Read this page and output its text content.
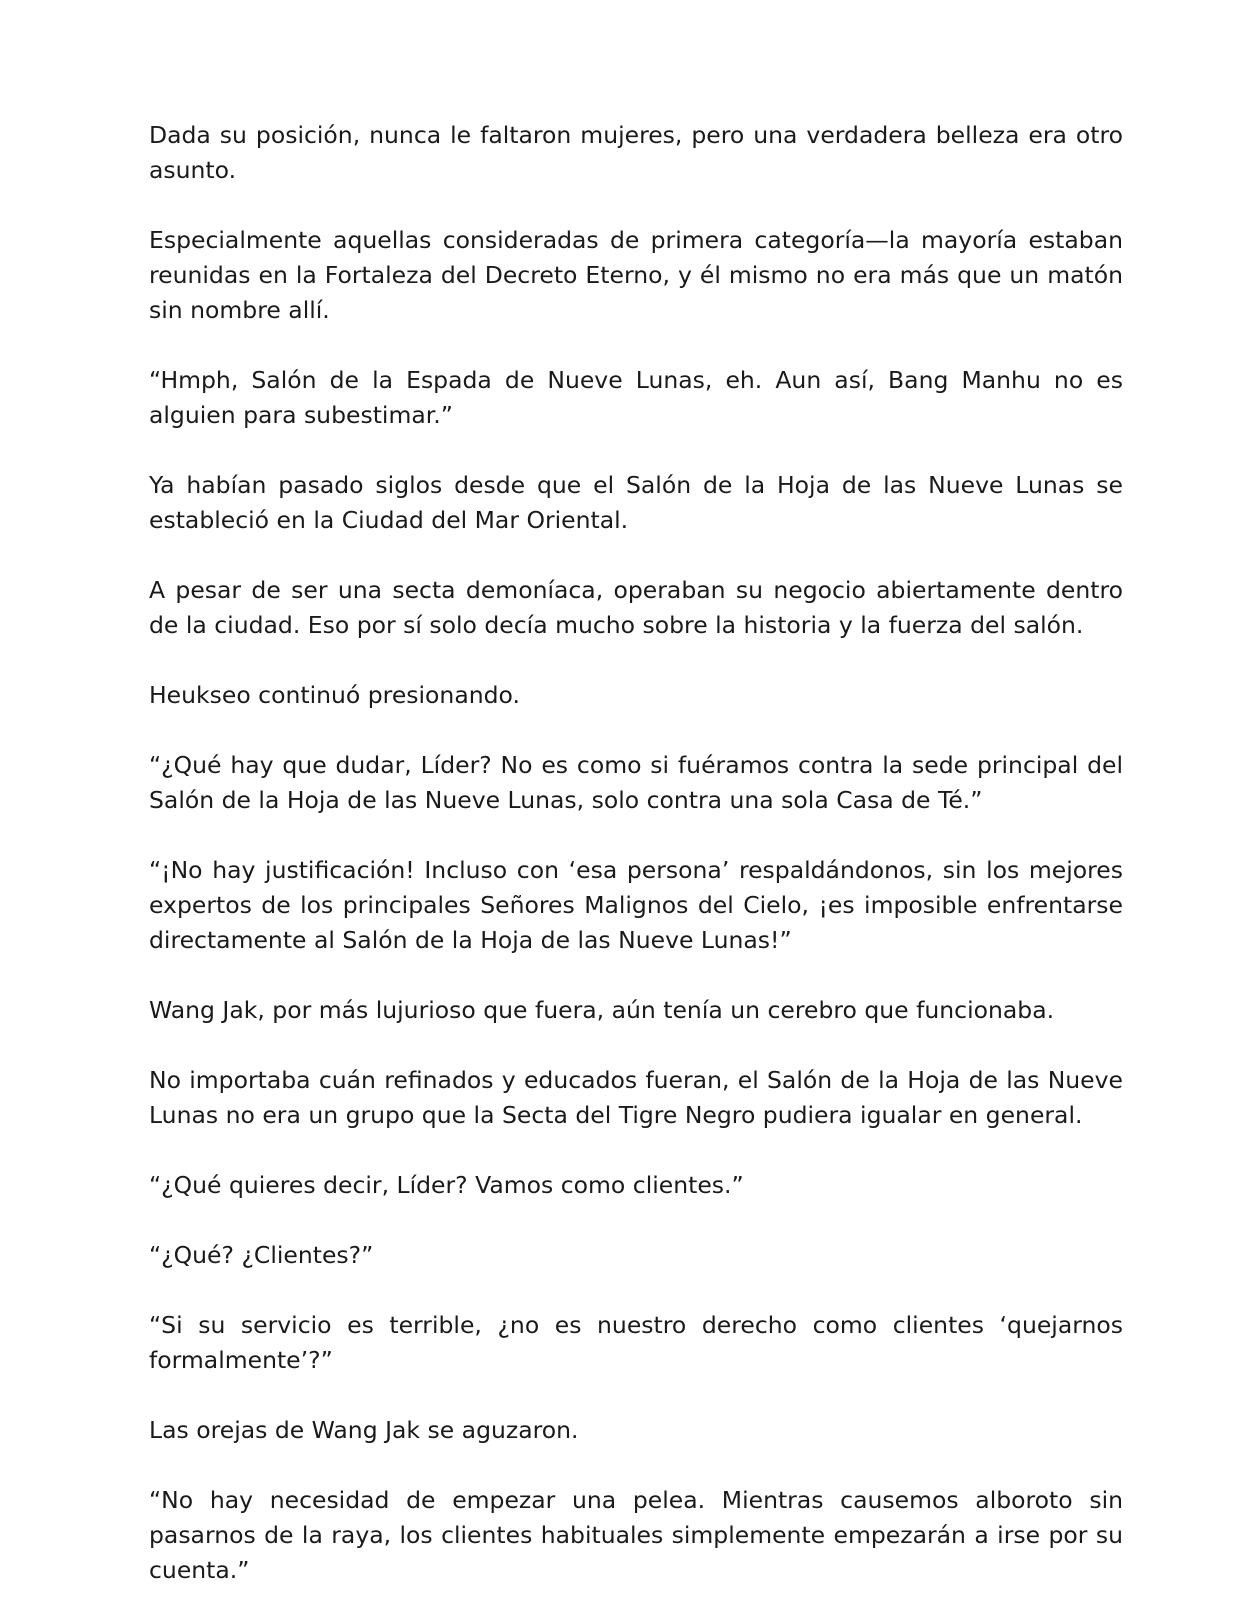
Dada su posición, nunca le faltaron mujeres, pero una verdadera belleza era otro asunto.

Especialmente aquellas consideradas de primera categoría—la mayoría estaban reunidas en la Fortaleza del Decreto Eterno, y él mismo no era más que un matón sin nombre allí.

“Hmph, Salón de la Espada de Nueve Lunas, eh. Aun así, Bang Manhu no es alguien para subestimar.”

Ya habían pasado siglos desde que el Salón de la Hoja de las Nueve Lunas se estableció en la Ciudad del Mar Oriental.

A pesar de ser una secta demoníaca, operaban su negocio abiertamente dentro de la ciudad. Eso por sí solo decía mucho sobre la historia y la fuerza del salón.

Heukseo continuó presionando.

“¿Qué hay que dudar, Líder? No es como si fuéramos contra la sede principal del Salón de la Hoja de las Nueve Lunas, solo contra una sola Casa de Té.”

“¡No hay justificación! Incluso con ‘esa persona’ respaldándonos, sin los mejores expertos de los principales Señores Malignos del Cielo, ¡es imposible enfrentarse directamente al Salón de la Hoja de las Nueve Lunas!”

Wang Jak, por más lujurioso que fuera, aún tenía un cerebro que funcionaba.

No importaba cuán refinados y educados fueran, el Salón de la Hoja de las Nueve Lunas no era un grupo que la Secta del Tigre Negro pudiera igualar en general.

“¿Qué quieres decir, Líder? Vamos como clientes.”

“¿Qué? ¿Clientes?”

“Si su servicio es terrible, ¿no es nuestro derecho como clientes ‘quejarnos formalmente’?”

Las orejas de Wang Jak se aguzaron.

“No hay necesidad de empezar una pelea. Mientras causemos alboroto sin pasarnos de la raya, los clientes habituales simplemente empezarán a irse por su cuenta.”
